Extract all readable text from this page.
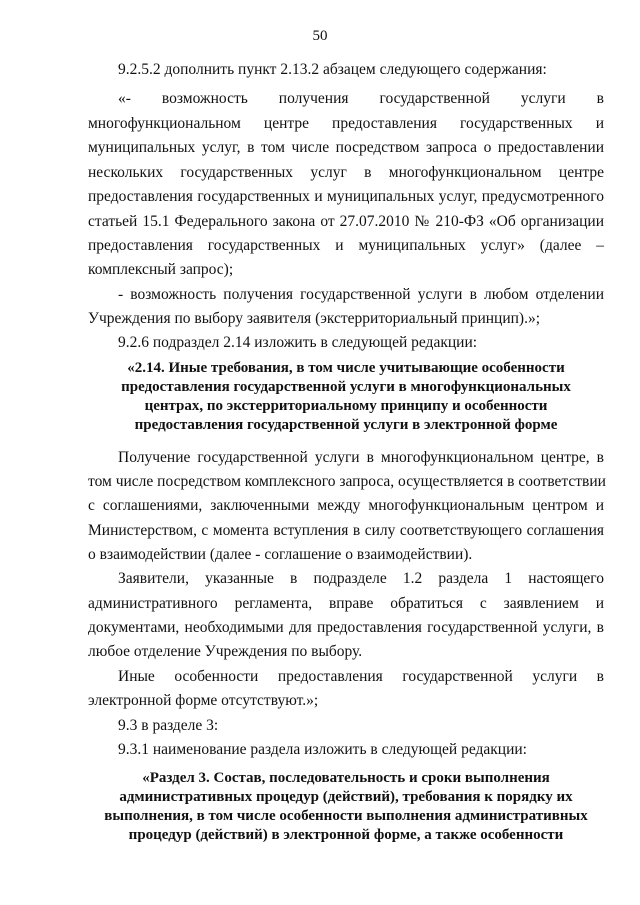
50
9.2.5.2 дополнить пункт 2.13.2 абзацем следующего содержания:
«- возможность получения государственной услуги в
многофункциональном центре предоставления государственных и
муниципальных услуг, в том числе посредством запроса о предоставлении
нескольких государственных услуг в многофункциональном центре
предоставления государственных и муниципальных услуг, предусмотренного
статьей 15.1 Федерального закона от 27.07.2010 № 210-ФЗ «Об организации
предоставления государственных и муниципальных услуг» (далее –
комплексный запрос);
- возможность получения государственной услуги в любом отделении
Учреждения по выбору заявителя (экстерриториальный принцип).»;
9.2.6 подраздел 2.14 изложить в следующей редакции:
«2.14. Иные требования, в том числе учитывающие особенности
предоставления государственной услуги в многофункциональных
центрах, по экстерриториальному принципу и особенности
предоставления государственной услуги в электронной форме
Получение государственной услуги в многофункциональном центре, в
том числе посредством комплексного запроса, осуществляется в соответствии
с соглашениями, заключенными между многофункциональным центром и
Министерством, с момента вступления в силу соответствующего соглашения
о взаимодействии (далее - соглашение о взаимодействии).
Заявители, указанные в подразделе 1.2 раздела 1 настоящего
административного регламента, вправе обратиться с заявлением и
документами, необходимыми для предоставления государственной услуги, в
любое отделение Учреждения по выбору.
Иные особенности предоставления государственной услуги в
электронной форме отсутствуют.»;
9.3 в разделе 3:
9.3.1 наименование раздела изложить в следующей редакции:
«Раздел 3. Состав, последовательность и сроки выполнения
административных процедур (действий), требования к порядку их
выполнения, в том числе особенности выполнения административных
процедур (действий) в электронной форме, а также особенности
